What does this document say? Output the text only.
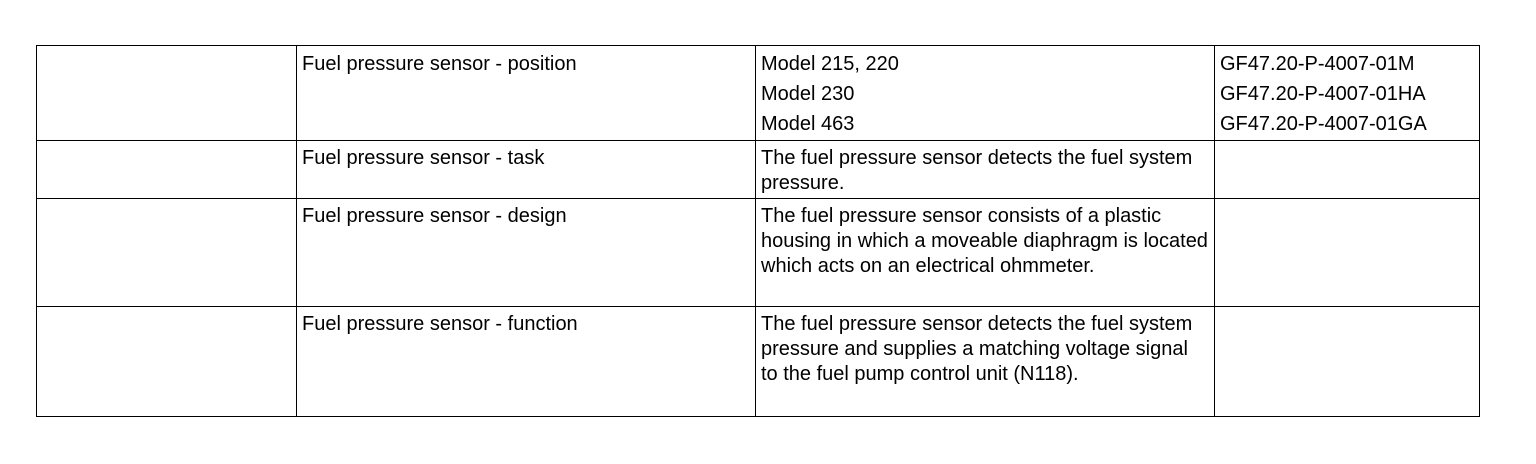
	Fuel pressure sensor - position	Model 215, 220
Model 230
Model 463	GF47.20-P-4007-01M
GF47.20-P-4007-01HA
GF47.20-P-4007-01GA

	Fuel pressure sensor - task	The fuel pressure sensor detects the fuel system pressure.	
	Fuel pressure sensor - design	The fuel pressure sensor consists of a plastic housing in which a moveable diaphragm is located which acts on an electrical ohmmeter.	
	Fuel pressure sensor - function	The fuel pressure sensor detects the fuel system pressure and supplies a matching voltage signal to the fuel pump control unit (N118).	
